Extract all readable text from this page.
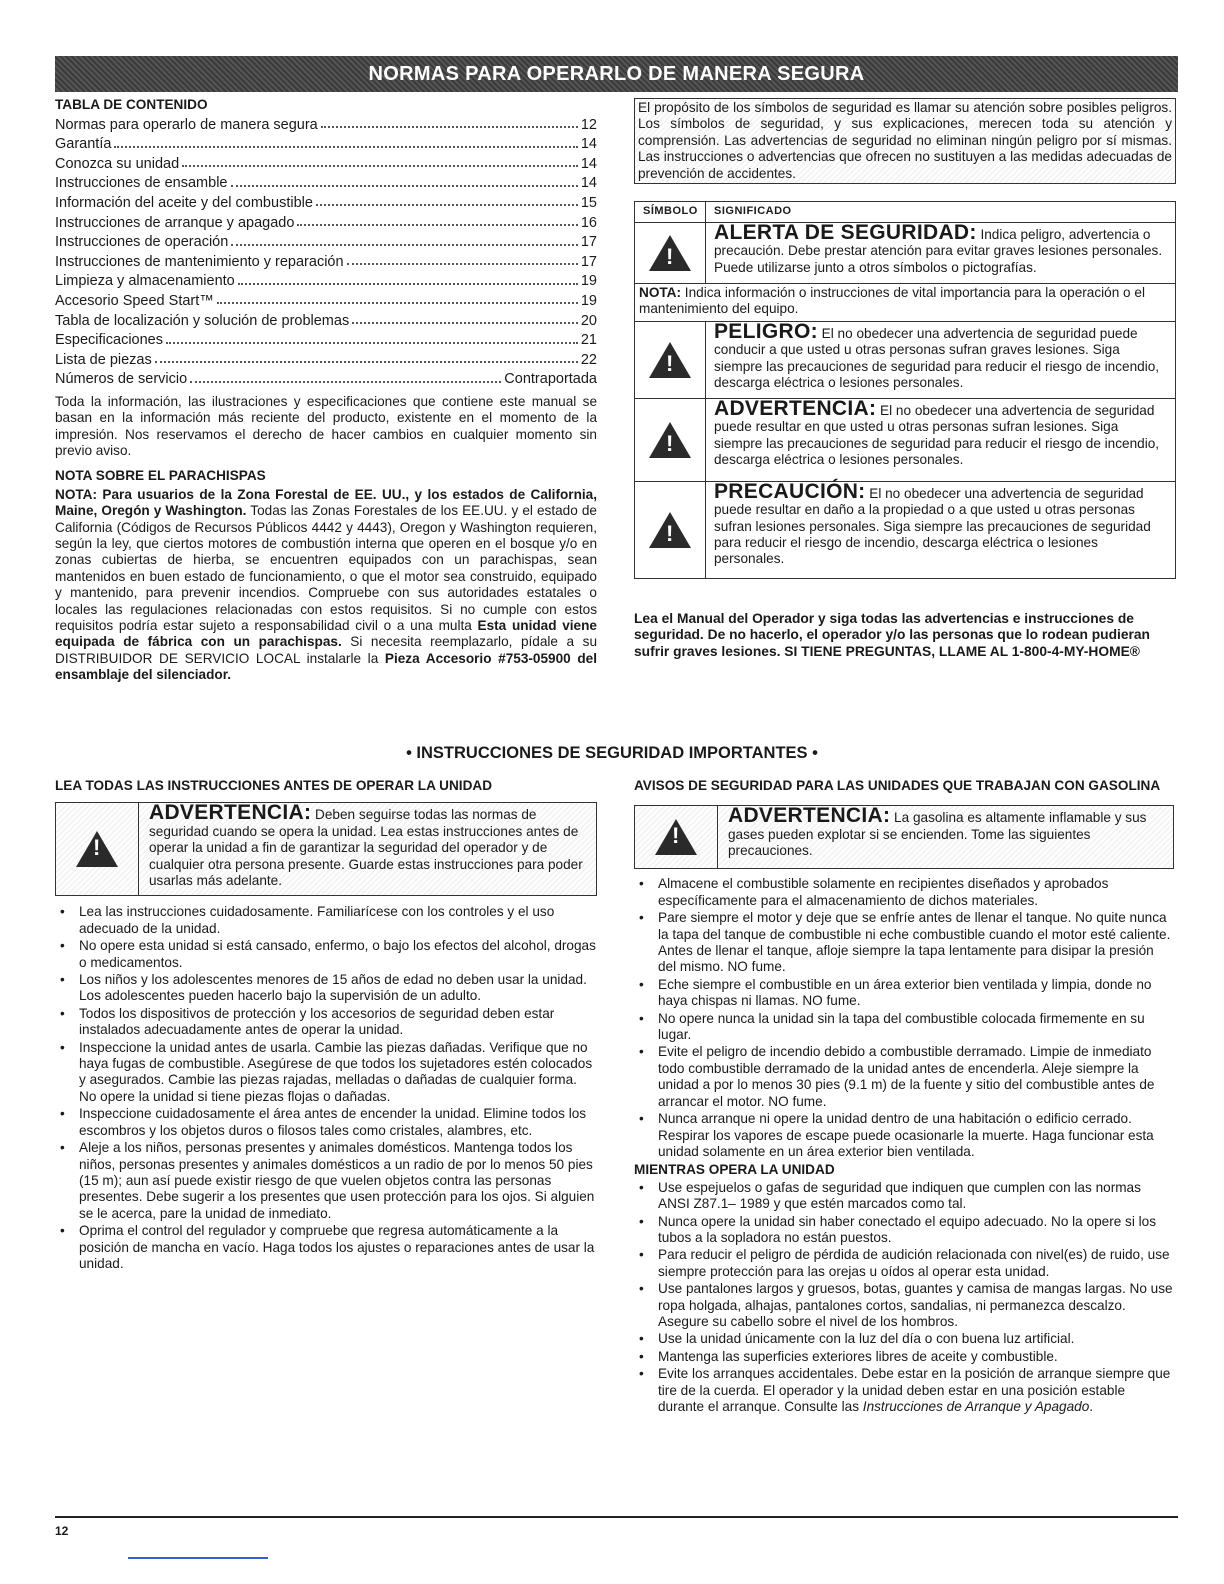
NORMAS PARA OPERARLO DE MANERA SEGURA
TABLA DE CONTENIDO
Normas para operarlo de manera segura	12
Garantía	14
Conozca su unidad	14
Instrucciones de ensamble	14
Información del aceite y del combustible	15
Instrucciones de arranque y apagado	16
Instrucciones de operación	17
Instrucciones de mantenimiento y reparación	17
Limpieza y almacenamiento	19
Accesorio Speed Start™	19
Tabla de localización y solución de problemas	20
Especificaciones	21
Lista de piezas	22
Números de servicio	Contraportada

Toda la información, las ilustraciones y especificaciones que contiene este manual se basan en la información más reciente del producto, existente en el momento de la impresión. Nos reservamos el derecho de hacer cambios en cualquier momento sin previo aviso.

NOTA SOBRE EL PARACHISPAS

NOTA: Para usuarios de la Zona Forestal de EE. UU., y los estados de California, Maine, Oregón y Washington. Todas las Zonas Forestales de los EE.UU. y el estado de California (Códigos de Recursos Públicos 4442 y 4443), Oregon y Washington requieren, según la ley, que ciertos motores de combustión interna que operen en el bosque y/o en zonas cubiertas de hierba, se encuentren equipados con un parachispas, sean mantenidos en buen estado de funcionamiento, o que el motor sea construido, equipado y mantenido, para prevenir incendios. Compruebe con sus autoridades estatales o locales las regulaciones relacionadas con estos requisitos. Si no cumple con estos requisitos podría estar sujeto a responsabilidad civil o a una multa Esta unidad viene equipada de fábrica con un parachispas. Si necesita reemplazarlo, pídale a su DISTRIBUIDOR DE SERVICIO LOCAL instalarle la Pieza Accesorio #753-05900 del ensamblaje del silenciador.

El propósito de los símbolos de seguridad es llamar su atención sobre posibles peligros. Los símbolos de seguridad, y sus explicaciones, merecen toda su atención y comprensión. Las advertencias de seguridad no eliminan ningún peligro por sí mismas. Las instrucciones o advertencias que ofrecen no sustituyen a las medidas adecuadas de prevención de accidentes.

SÍMBOLO	SIGNIFICADO
!
ALERTA DE SEGURIDAD: Indica peligro, advertencia o precaución. Debe prestar atención para evitar graves lesiones personales. Puede utilizarse junto a otros símbolos o pictografías.
NOTA: Indica información o instrucciones de vital importancia para la operación o el mantenimiento del equipo.
!
PELIGRO: El no obedecer una advertencia de seguridad puede conducir a que usted u otras personas sufran graves lesiones. Siga siempre las precauciones de seguridad para reducir el riesgo de incendio, descarga eléctrica o lesiones personales.
!
ADVERTENCIA: El no obedecer una advertencia de seguridad puede resultar en que usted u otras personas sufran lesiones. Siga siempre las precauciones de seguridad para reducir el riesgo de incendio, descarga eléctrica o lesiones personales.
!
PRECAUCIÓN: El no obedecer una advertencia de seguridad puede resultar en daño a la propiedad o a que usted u otras personas sufran lesiones personales. Siga siempre las precauciones de seguridad para reducir el riesgo de incendio, descarga eléctrica o lesiones personales.
Lea el Manual del Operador y siga todas las advertencias e instrucciones de seguridad. De no hacerlo, el operador y/o las personas que lo rodean pudieran sufrir graves lesiones. SI TIENE PREGUNTAS, LLAME AL 1-800-4-MY-HOME®
• INSTRUCCIONES DE SEGURIDAD IMPORTANTES •
LEA TODAS LAS INSTRUCCIONES ANTES DE OPERAR LA UNIDAD
!
ADVERTENCIA: Deben seguirse todas las normas de seguridad cuando se opera la unidad. Lea estas instrucciones antes de operar la unidad a fin de garantizar la seguridad del operador y de cualquier otra persona presente. Guarde estas instrucciones para poder usarlas más adelante.
• Lea las instrucciones cuidadosamente. Familiarícese con los controles y el uso adecuado de la unidad.
• No opere esta unidad si está cansado, enfermo, o bajo los efectos del alcohol, drogas o medicamentos.
• Los niños y los adolescentes menores de 15 años de edad no deben usar la unidad. Los adolescentes pueden hacerlo bajo la supervisión de un adulto.
• Todos los dispositivos de protección y los accesorios de seguridad deben estar instalados adecuadamente antes de operar la unidad.
• Inspeccione la unidad antes de usarla. Cambie las piezas dañadas. Verifique que no haya fugas de combustible. Asegúrese de que todos los sujetadores estén colocados y asegurados. Cambie las piezas rajadas, melladas o dañadas de cualquier forma. No opere la unidad si tiene piezas flojas o dañadas.
• Inspeccione cuidadosamente el área antes de encender la unidad. Elimine todos los escombros y los objetos duros o filosos tales como cristales, alambres, etc.
• Aleje a los niños, personas presentes y animales domésticos. Mantenga todos los niños, personas presentes y animales domésticos a un radio de por lo menos 50 pies (15 m); aun así puede existir riesgo de que vuelen objetos contra las personas presentes. Debe sugerir a los presentes que usen protección para los ojos. Si alguien se le acerca, pare la unidad de inmediato.
• Oprima el control del regulador y compruebe que regresa automáticamente a la posición de mancha en vacío. Haga todos los ajustes o reparaciones antes de usar la unidad.
AVISOS DE SEGURIDAD PARA LAS UNIDADES QUE TRABAJAN CON GASOLINA
!
ADVERTENCIA: La gasolina es altamente inflamable y sus gases pueden explotar si se encienden. Tome las siguientes precauciones.
• Almacene el combustible solamente en recipientes diseñados y aprobados específicamente para el almacenamiento de dichos materiales.
• Pare siempre el motor y deje que se enfríe antes de llenar el tanque. No quite nunca la tapa del tanque de combustible ni eche combustible cuando el motor esté caliente. Antes de llenar el tanque, afloje siempre la tapa lentamente para disipar la presión del mismo. NO fume.
• Eche siempre el combustible en un área exterior bien ventilada y limpia, donde no haya chispas ni llamas. NO fume.
• No opere nunca la unidad sin la tapa del combustible colocada firmemente en su lugar.
• Evite el peligro de incendio debido a combustible derramado. Limpie de inmediato todo combustible derramado de la unidad antes de encenderla. Aleje siempre la unidad a por lo menos 30 pies (9.1 m) de la fuente y sitio del combustible antes de arrancar el motor. NO fume.
• Nunca arranque ni opere la unidad dentro de una habitación o edificio cerrado. Respirar los vapores de escape puede ocasionarle la muerte. Haga funcionar esta unidad solamente en un área exterior bien ventilada.
MIENTRAS OPERA LA UNIDAD
• Use espejuelos o gafas de seguridad que indiquen que cumplen con las normas ANSI Z87.1– 1989 y que estén marcados como tal.
• Nunca opere la unidad sin haber conectado el equipo adecuado. No la opere si los tubos a la sopladora no están puestos.
• Para reducir el peligro de pérdida de audición relacionada con nivel(es) de ruido, use siempre protección para las orejas u oídos al operar esta unidad.
• Use pantalones largos y gruesos, botas, guantes y camisa de mangas largas. No use ropa holgada, alhajas, pantalones cortos, sandalias, ni permanezca descalzo. Asegure su cabello sobre el nivel de los hombros.
• Use la unidad únicamente con la luz del día o con buena luz artificial.
• Mantenga las superficies exteriores libres de aceite y combustible.
• Evite los arranques accidentales. Debe estar en la posición de arranque siempre que tire de la cuerda. El operador y la unidad deben estar en una posición estable durante el arranque. Consulte las Instrucciones de Arranque y Apagado.
12
